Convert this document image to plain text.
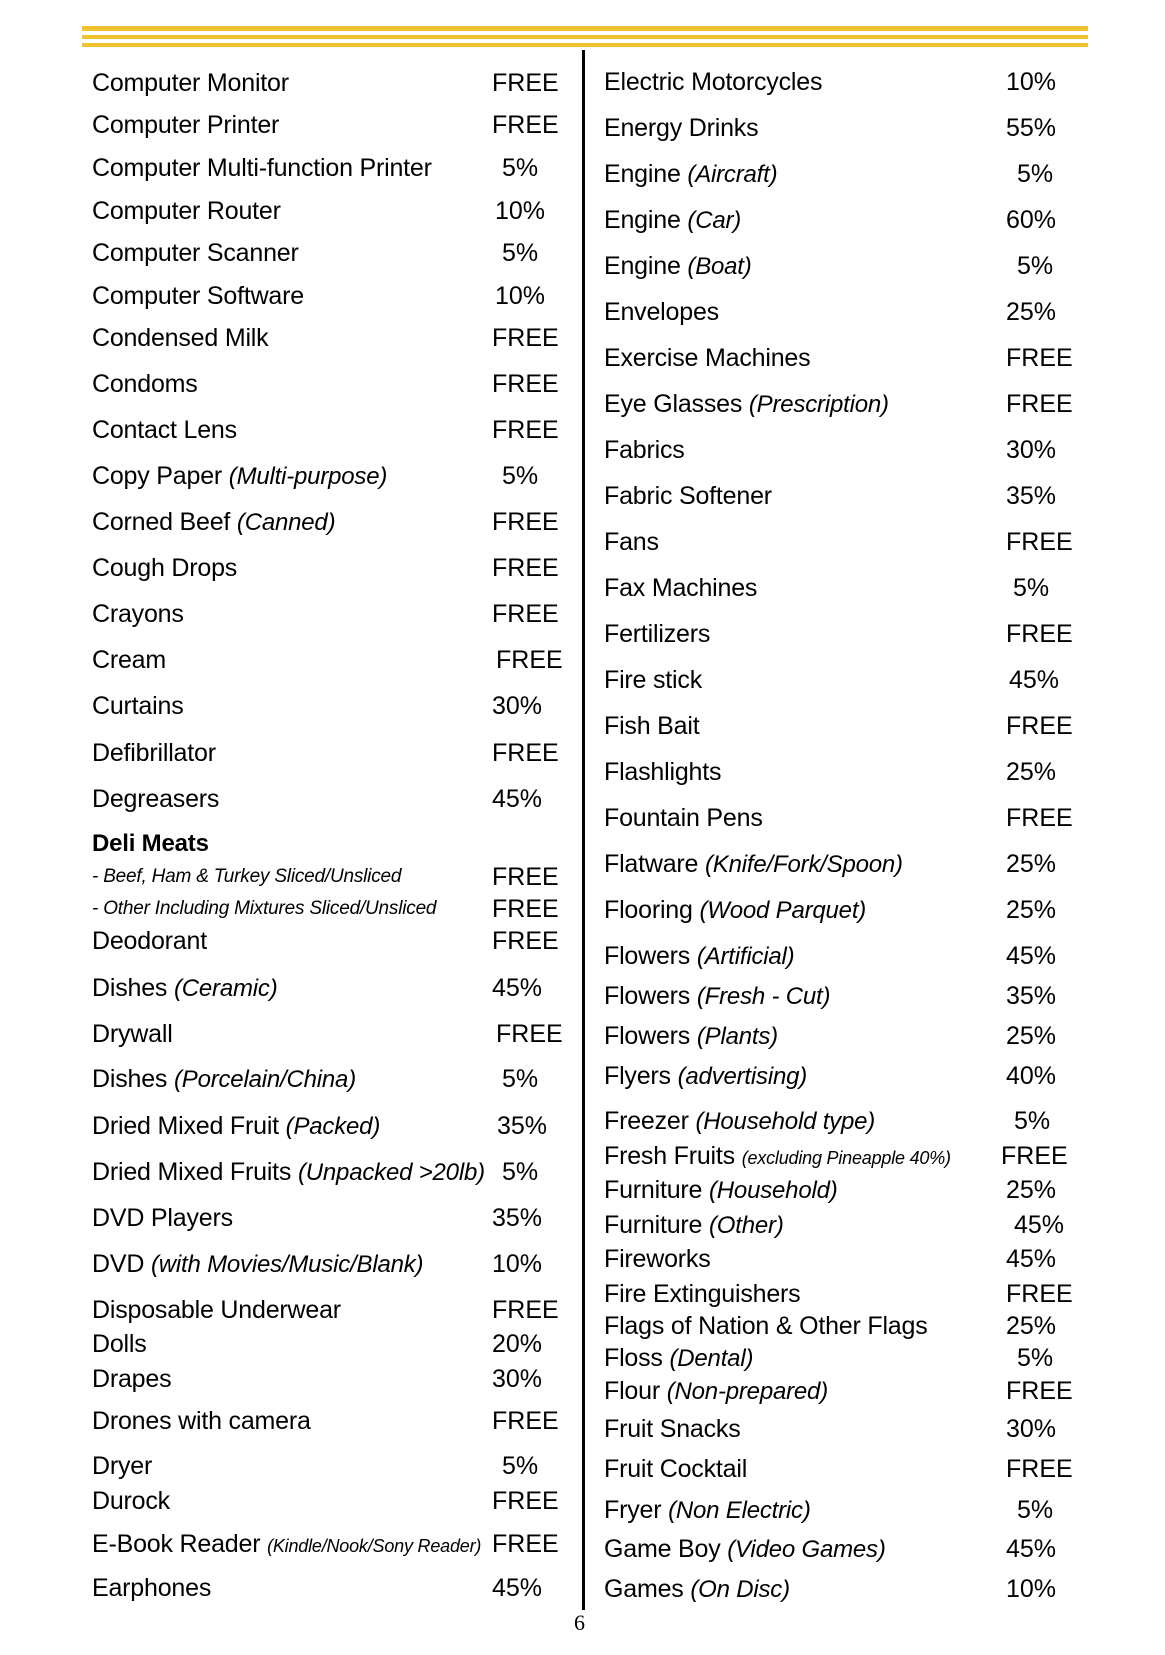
Computer Monitor	FREE
Computer Printer	FREE
Computer Multi-function Printer	5%
Computer Router	10%
Computer Scanner	5%
Computer Software	10%
Condensed Milk	FREE
Condoms	FREE
Contact Lens	FREE
Copy Paper (Multi-purpose)	5%
Corned Beef (Canned)	FREE
Cough Drops	FREE
Crayons	FREE
Cream	FREE
Curtains	30%
Defibrillator	FREE
Degreasers	45%
Deli Meats
- Beef, Ham & Turkey Sliced/Unsliced	FREE
- Other Including Mixtures Sliced/Unsliced FREE
Deodorant	FREE
Dishes (Ceramic)	45%
Drywall	FREE
Dishes (Porcelain/China)	5%
Dried Mixed Fruit (Packed)	35%
Dried Mixed Fruits (Unpacked >20lb) 5%
DVD Players	35%
DVD (with Movies/Music/Blank)	10%
Disposable Underwear	FREE
Dolls	20%
Drapes	30%
Drones with camera	FREE
Dryer	5%
Durock	FREE
E-Book Reader (Kindle/Nook/Sony Reader) FREE
Earphones	45%
Electric Motorcycles	10%
Energy Drinks	55%
Engine (Aircraft)	5%
Engine (Car)	60%
Engine (Boat)	5%
Envelopes	25%
Exercise Machines	FREE
Eye Glasses (Prescription)	FREE
Fabrics	30%
Fabric Softener	35%
Fans	FREE
Fax Machines	5%
Fertilizers	FREE
Fire stick	45%
Fish Bait	FREE
Flashlights	25%
Fountain Pens	FREE
Flatware (Knife/Fork/Spoon)	25%
Flooring (Wood Parquet)	25%
Flowers (Artificial)	45%
Flowers (Fresh - Cut)	35%
Flowers (Plants)	25%
Flyers (advertising)	40%
Freezer (Household type)	5%
Fresh Fruits (excluding Pineapple 40%) FREE
Furniture (Household)	25%
Furniture (Other)	45%
Fireworks	45%
Fire Extinguishers	FREE
Flags of Nation & Other Flags	25%
Floss (Dental)	5%
Flour (Non-prepared)	FREE
Fruit Snacks	30%
Fruit Cocktail	FREE
Fryer (Non Electric)	5%
Game Boy (Video Games)	45%
Games (On Disc)	10%
6
